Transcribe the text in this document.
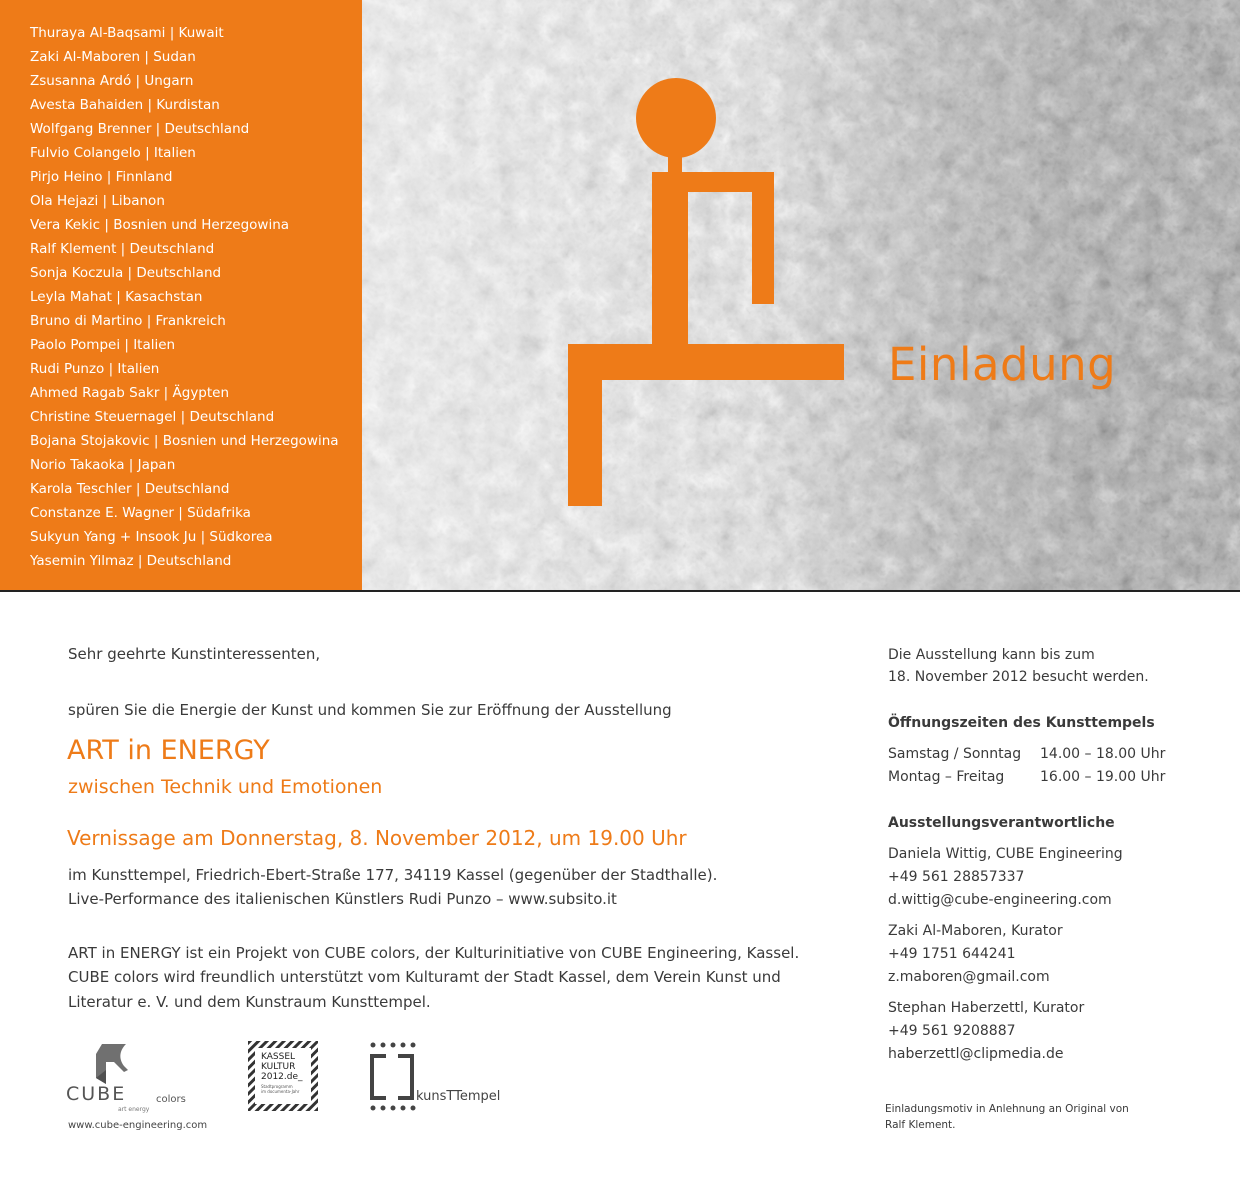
Thuraya Al-Baqsami | Kuwait
Zaki Al-Maboren | Sudan
Zsusanna Ardó | Ungarn
Avesta Bahaiden | Kurdistan
Wolfgang Brenner | Deutschland
Fulvio Colangelo | Italien
Pirjo Heino | Finnland
Ola Hejazi | Libanon
Vera Kekic | Bosnien und Herzegowina
Ralf Klement | Deutschland
Sonja Koczula | Deutschland
Leyla Mahat | Kasachstan
Bruno di Martino | Frankreich
Paolo Pompei | Italien
Rudi Punzo | Italien
Ahmed Ragab Sakr | Ägypten
Christine Steuernagel | Deutschland
Bojana Stojakovic | Bosnien und Herzegowina
Norio Takaoka | Japan
Karola Teschler | Deutschland
Constanze E. Wagner | Südafrika
Sukyun Yang + Insook Ju | Südkorea
Yasemin Yilmaz | Deutschland
Einladung
Sehr geehrte Kunstinteressenten,
spüren Sie die Energie der Kunst und kommen Sie zur Eröffnung der Ausstellung
ART in ENERGY
zwischen Technik und Emotionen
Vernissage am Donnerstag, 8. November 2012, um 19.00 Uhr
im Kunsttempel, Friedrich-Ebert-Straße 177, 34119 Kassel (gegenüber der Stadthalle).
Live-Performance des italienischen Künstlers Rudi Punzo – www.subsito.it
ART in ENERGY ist ein Projekt von CUBE colors, der Kulturinitiative von CUBE Engineering, Kassel.
CUBE colors wird freundlich unterstützt vom Kulturamt der Stadt Kassel, dem Verein Kunst und
Literatur e. V. und dem Kunstraum Kunsttempel.
CUBE	colors
art energy
www.cube-engineering.com
KASSEL
KULTUR
2012.de_
Stadtprogramm
im documenta-Jahr	kunsTTempel
Die Ausstellung kann bis zum
18. November 2012 besucht werden.
Öffnungszeiten des Kunsttempels
Samstag / Sonntag 14.00 – 18.00 Uhr
Montag – Freitag	16.00 – 19.00 Uhr
Ausstellungsverantwortliche
Daniela Wittig, CUBE Engineering
+49 561 28857337
d.wittig@cube-engineering.com
Zaki Al-Maboren, Kurator
+49 1751 644241
z.maboren@gmail.com
Stephan Haberzettl, Kurator
+49 561 9208887
haberzettl@clipmedia.de
Einladungsmotiv in Anlehnung an Original von
Ralf Klement.
